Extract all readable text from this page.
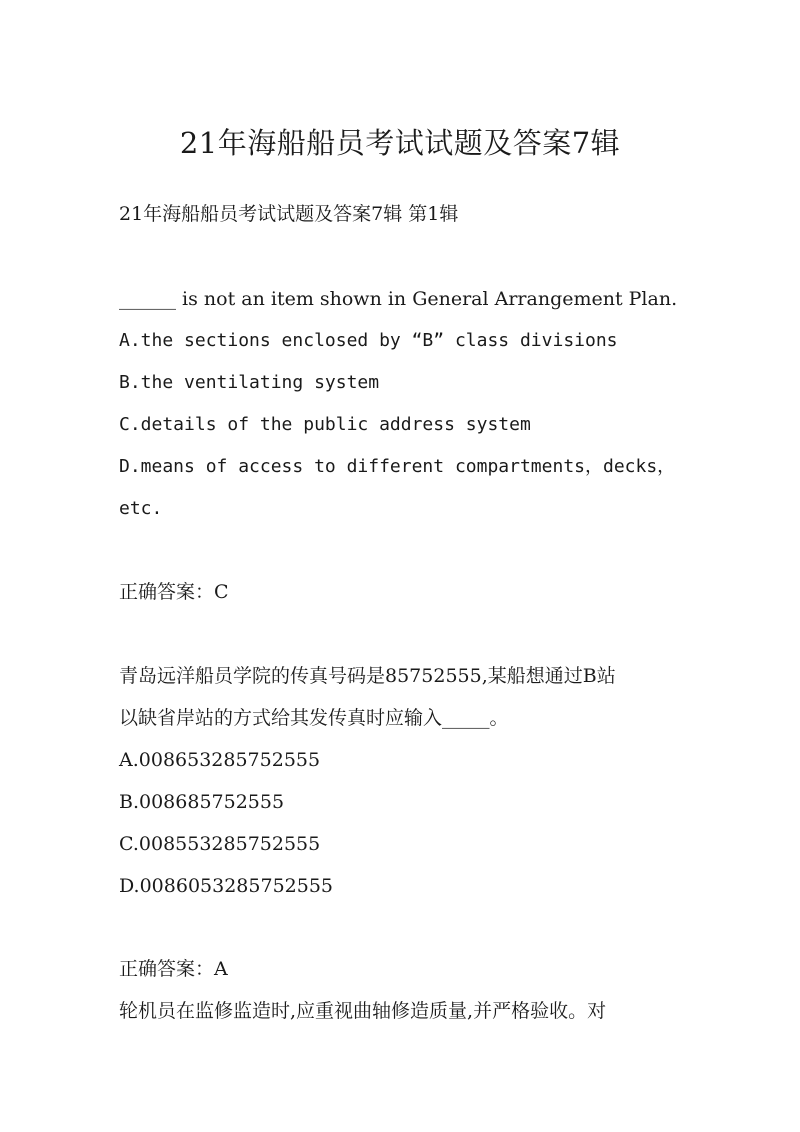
21年海船船员考试试题及答案7辑
21年海船船员考试试题及答案7辑 第1辑
______ is not an item shown in General Arrangement Plan.
A.the sections enclosed by “B” class divisions
B.the ventilating system
C.details of the public address system
D.means of access to different compartments，decks，
etc.
正确答案：C
青岛远洋船员学院的传真号码是85752555,某船想通过B站
以缺省岸站的方式给其发传真时应输入_____。
A.008653285752555
B.008685752555
C.008553285752555
D.0086053285752555
正确答案：A
轮机员在监修监造时,应重视曲轴修造质量,并严格验收。对
